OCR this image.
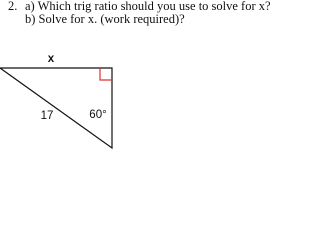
2. a) Which trig ratio should you use to solve for x?
b) Solve for x. (work required)?
x
17	60°
